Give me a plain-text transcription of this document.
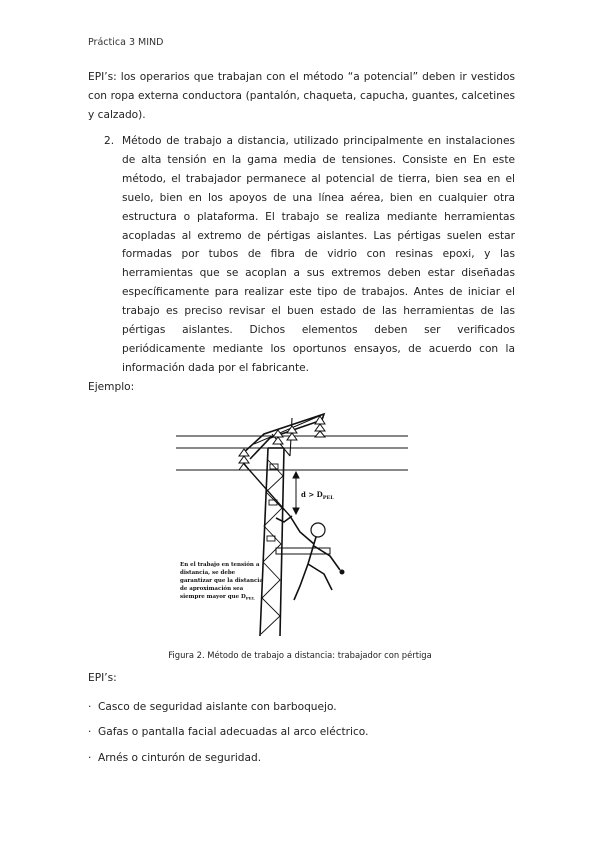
Práctica 3 MIND
EPI’s: los operarios que trabajan con el método “a potencial” deben ir vestidos con ropa externa conductora (pantalón, chaqueta, capucha, guantes, calcetines y calzado).
2. Método de trabajo a distancia, utilizado principalmente en instalaciones de alta tensión en la gama media de tensiones. Consiste en En este método, el trabajador permanece al potencial de tierra, bien sea en el suelo, bien en los apoyos de una línea aérea, bien en cualquier otra estructura o plataforma. El trabajo se realiza mediante herramientas acopladas al extremo de pértigas aislantes. Las pértigas suelen estar formadas por tubos de fibra de vidrio con resinas epoxi, y las herramientas que se acoplan a sus extremos deben estar diseñadas específicamente para realizar este tipo de trabajos. Antes de iniciar el trabajo es preciso revisar el buen estado de las herramientas de las pértigas aislantes. Dichos elementos deben ser verificados periódicamente mediante los oportunos ensayos, de acuerdo con la información dada por el fabricante.
Ejemplo:
$d > D_{PEL}$
En el trabajo en tensión a
distancia, se debe
garantizar que la distancia
de aproximación sea
siempre mayor que $D_{PEL}$
Figura 2. Método de trabajo a distancia: trabajador con pértiga
EPI’s:
· Casco de seguridad aislante con barboquejo.
· Gafas o pantalla facial adecuadas al arco eléctrico.
· Arnés o cinturón de seguridad.
